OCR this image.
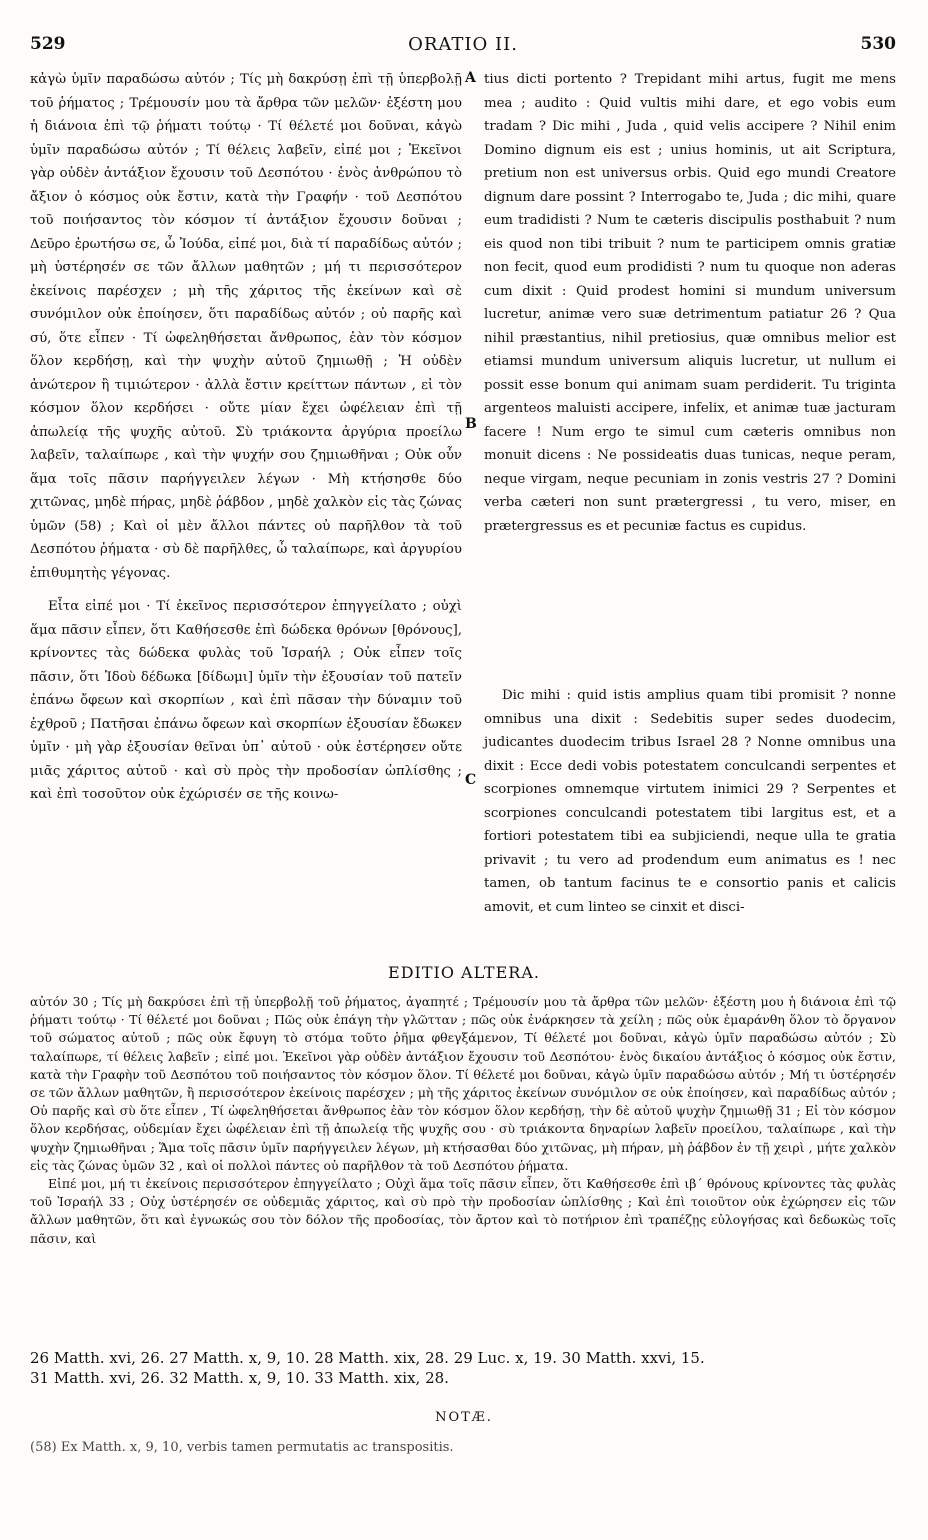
529	ORATIO II.	530

κἀγὼ ὑμῖν παραδώσω αὐτόν ; Τίς μὴ δακρύσῃ ἐπὶ τῇ ὑπερβολῇ τοῦ ῥήματος ; Τρέμουσίν μου τὰ ἄρθρα τῶν μελῶν· ἐξέστη μου ἡ διάνοια ἐπὶ τῷ ῥήματι τούτῳ · Τί θέλετέ μοι δοῦναι, κἀγὼ ὑμῖν παραδώσω αὐτόν ; Τί θέλεις λαβεῖν, εἰπέ μοι ; Ἐκεῖνοι γὰρ οὐδὲν ἀντάξιον ἔχουσιν τοῦ Δεσπότου · ἑνὸς ἀνθρώπου τὸ ἄξιον ὁ κόσμος οὐκ ἔστιν, κατὰ τὴν Γραφήν · τοῦ Δεσπότου τοῦ ποιήσαντος τὸν κόσμον τί ἀντάξιον ἔχουσιν δοῦναι ; Δεῦρο ἐρωτήσω σε, ὦ Ἰούδα, εἰπέ μοι, διὰ τί παραδίδως αὐτόν ; μὴ ὑστέρησέν σε τῶν ἄλλων μαθητῶν ; μή τι περισσότερον ἐκείνοις παρέσχεν ; μὴ τῆς χάριτος τῆς ἐκείνων καὶ σὲ συνόμιλον οὐκ ἐποίησεν, ὅτι παραδίδως αὐτόν ; οὐ παρῆς καὶ σύ, ὅτε εἶπεν · Τί ὠφεληθήσεται ἄνθρωπος, ἐὰν τὸν κόσμον ὅλον κερδήσῃ, καὶ τὴν ψυχὴν αὐτοῦ ζημιωθῇ ; Ἡ οὐδὲν ἀνώτερον ἢ τιμιώτερον · ἀλλὰ ἔστιν κρείττων πάντων , εἰ τὸν κόσμον ὅλον κερδήσει · οὔτε μίαν ἔχει ὠφέλειαν ἐπὶ τῇ ἀπωλείᾳ τῆς ψυχῆς αὐτοῦ. Σὺ τριάκοντα ἀργύρια προείλω λαβεῖν, ταλαίπωρε , καὶ τὴν ψυχήν σου ζημιωθῆναι ; Οὐκ οὖν ἅμα τοῖς πᾶσιν παρήγγειλεν λέγων · Μὴ κτήσησθε δύο χιτῶνας, μηδὲ πήρας, μηδὲ ῥάβδον , μηδὲ χαλκὸν εἰς τὰς ζώνας ὑμῶν (58) ; Καὶ οἱ μὲν ἄλλοι πάντες οὐ παρῆλθον τὰ τοῦ Δεσπότου ῥήματα · σὺ δὲ παρῆλθες, ὦ ταλαίπωρε, καὶ ἀργυρίου ἐπιθυμητὴς γέγονας.

Εἶτα εἰπέ μοι · Τί ἐκεῖνος περισσότερον ἐπηγγείλατο ; οὐχὶ ἅμα πᾶσιν εἶπεν, ὅτι Καθήσεσθε ἐπὶ δώδεκα θρόνων [θρόνους], κρίνοντες τὰς δώδεκα φυλὰς τοῦ Ἰσραήλ ; Οὐκ εἶπεν τοῖς πᾶσιν, ὅτι Ἰδοὺ δέδωκα [δίδωμι] ὑμῖν τὴν ἐξουσίαν τοῦ πατεῖν ἐπάνω ὄφεων καὶ σκορπίων , καὶ ἐπὶ πᾶσαν τὴν δύναμιν τοῦ ἐχθροῦ ; Πατῆσαι ἐπάνω ὄφεων καὶ σκορπίων ἐξουσίαν ἔδωκεν ὑμῖν · μὴ γὰρ ἐξουσίαν θεῖναι ὑπ᾽ αὐτοῦ · οὐκ ἐστέρησεν οὔτε μιᾶς χάριτος αὐτοῦ · καὶ σὺ πρὸς τὴν προδοσίαν ὡπλίσθης ; καὶ ἐπὶ τοσοῦτον οὐκ ἐχώρισέν σε τῆς κοινω-

A
B
C

tius dicti portento ? Trepidant mihi artus, fugit me mens mea ; audito : Quid vultis mihi dare, et ego vobis eum tradam ? Dic mihi , Juda , quid velis accipere ? Nihil enim Domino dignum eis est ; unius hominis, ut ait Scriptura, pretium non est universus orbis. Quid ego mundi Creatore dignum dare possint ? Interrogabo te, Juda ; dic mihi, quare eum tradidisti ? Num te cæteris discipulis posthabuit ? num eis quod non tibi tribuit ? num te participem omnis gratiæ non fecit, quod eum prodidisti ? num tu quoque non aderas cum dixit : Quid prodest homini si mundum universum lucretur, animæ vero suæ detrimentum patiatur 26 ? Qua nihil præstantius, nihil pretiosius, quæ omnibus melior est etiamsi mundum universum aliquis lucretur, ut nullum ei possit esse bonum qui animam suam perdiderit. Tu triginta argenteos maluisti accipere, infelix, et animæ tuæ jacturam facere ! Num ergo te simul cum cæteris omnibus non monuit dicens : Ne possideatis duas tunicas, neque peram, neque virgam, neque pecuniam in zonis vestris 27 ? Domini verba cæteri non sunt prætergressi , tu vero, miser, en prætergressus es et pecuniæ factus es cupidus.

Dic mihi : quid istis amplius quam tibi promisit ? nonne omnibus una dixit : Sedebitis super sedes duodecim, judicantes duodecim tribus Israel 28 ? Nonne omnibus una dixit : Ecce dedi vobis potestatem conculcandi serpentes et scorpiones omnemque virtutem inimici 29 ? Serpentes et scorpiones conculcandi potestatem tibi largitus est, et a fortiori potestatem tibi ea subjiciendi, neque ulla te gratia privavit ; tu vero ad prodendum eum animatus es ! nec tamen, ob tantum facinus te e consortio panis et calicis amovit, et cum linteo se cinxit et disci-

EDITIO ALTERA.

αὐτόν 30 ; Τίς μὴ δακρύσει ἐπὶ τῇ ὑπερβολῇ τοῦ ῥήματος, ἀγαπητέ ; Τρέμουσίν μου τὰ ἄρθρα τῶν μελῶν· ἐξέστη μου ἡ διάνοια ἐπὶ τῷ ῥήματι τούτῳ · Τί θέλετέ μοι δοῦναι ; Πῶς οὐκ ἐπάγη τὴν γλῶτταν ; πῶς οὐκ ἐνάρκησεν τὰ χείλη ; πῶς οὐκ ἐμαράνθη ὅλον τὸ ὄργανον τοῦ σώματος αὐτοῦ ; πῶς οὐκ ἔφυγη τὸ στόμα τοῦτο ῥῆμα φθεγξάμενον, Τί θέλετέ μοι δοῦναι, κἀγὼ ὑμῖν παραδώσω αὐτόν ; Σὺ ταλαίπωρε, τί θέλεις λαβεῖν ; εἰπέ μοι. Ἐκεῖνοι γὰρ οὐδὲν ἀντάξιον ἔχουσιν τοῦ Δεσπότου· ἑνὸς δικαίου ἀντάξιος ὁ κόσμος οὐκ ἔστιν, κατὰ τὴν Γραφὴν τοῦ Δεσπότου τοῦ ποιήσαντος τὸν κόσμον ὅλον. Τί θέλετέ μοι δοῦναι, κἀγὼ ὑμῖν παραδώσω αὐτόν ; Μή τι ὑστέρησέν σε τῶν ἄλλων μαθητῶν, ἢ περισσότερον ἐκείνοις παρέσχεν ; μὴ τῆς χάριτος ἐκείνων συνόμιλον σε οὐκ ἐποίησεν, καὶ παραδίδως αὐτόν ; Οὐ παρῆς καὶ σὺ ὅτε εἶπεν , Τί ὠφεληθήσεται ἄνθρωπος ἐὰν τὸν κόσμον ὅλον κερδήσῃ, τὴν δὲ αὐτοῦ ψυχὴν ζημιωθῇ 31 ; Εἰ τὸν κόσμον ὅλον κερδήσας, οὐδεμίαν ἔχει ὠφέλειαν ἐπὶ τῇ ἀπωλείᾳ τῆς ψυχῆς σου · σὺ τριάκοντα δηναρίων λαβεῖν προείλου, ταλαίπωρε , καὶ τὴν ψυχὴν ζημιωθῆναι ; Ἅμα τοῖς πᾶσιν ὑμῖν παρήγγειλεν λέγων, μὴ κτήσασθαι δύο χιτῶνας, μὴ πήραν, μὴ ῥάβδον ἐν τῇ χειρὶ , μήτε χαλκὸν εἰς τὰς ζώνας ὑμῶν 32 , καὶ οἱ πολλοὶ πάντες οὐ παρῆλθον τὰ τοῦ Δεσπότου ῥήματα.

Εἰπέ μοι, μή τι ἐκείνοις περισσότερον ἐπηγγείλατο ; Οὐχὶ ἅμα τοῖς πᾶσιν εἶπεν, ὅτι Καθήσεσθε ἐπὶ ιβ΄ θρόνους κρίνοντες τὰς φυλὰς τοῦ Ἰσραήλ 33 ; Οὐχ ὑστέρησέν σε οὐδεμιᾶς χάριτος, καὶ σὺ πρὸ τὴν προδοσίαν ὡπλίσθης ; Καὶ ἐπὶ τοιοῦτον οὐκ ἐχώρησεν εἰς τῶν ἄλλων μαθητῶν, ὅτι καὶ ἐγνωκώς σου τὸν δόλον τῆς προδοσίας, τὸν ἄρτον καὶ τὸ ποτήριον ἐπὶ τραπέζῃς εὐλογήσας καὶ δεδωκὼς τοῖς πᾶσιν, καὶ

26 Matth. xvi, 26. 27 Matth. x, 9, 10. 28 Matth. xix, 28. 29 Luc. x, 19. 30 Matth. xxvi, 15.
31 Matth. xvi, 26. 32 Matth. x, 9, 10. 33 Matth. xix, 28.
NOTÆ.
(58) Ex Matth. x, 9, 10, verbis tamen permutatis ac transpositis.
